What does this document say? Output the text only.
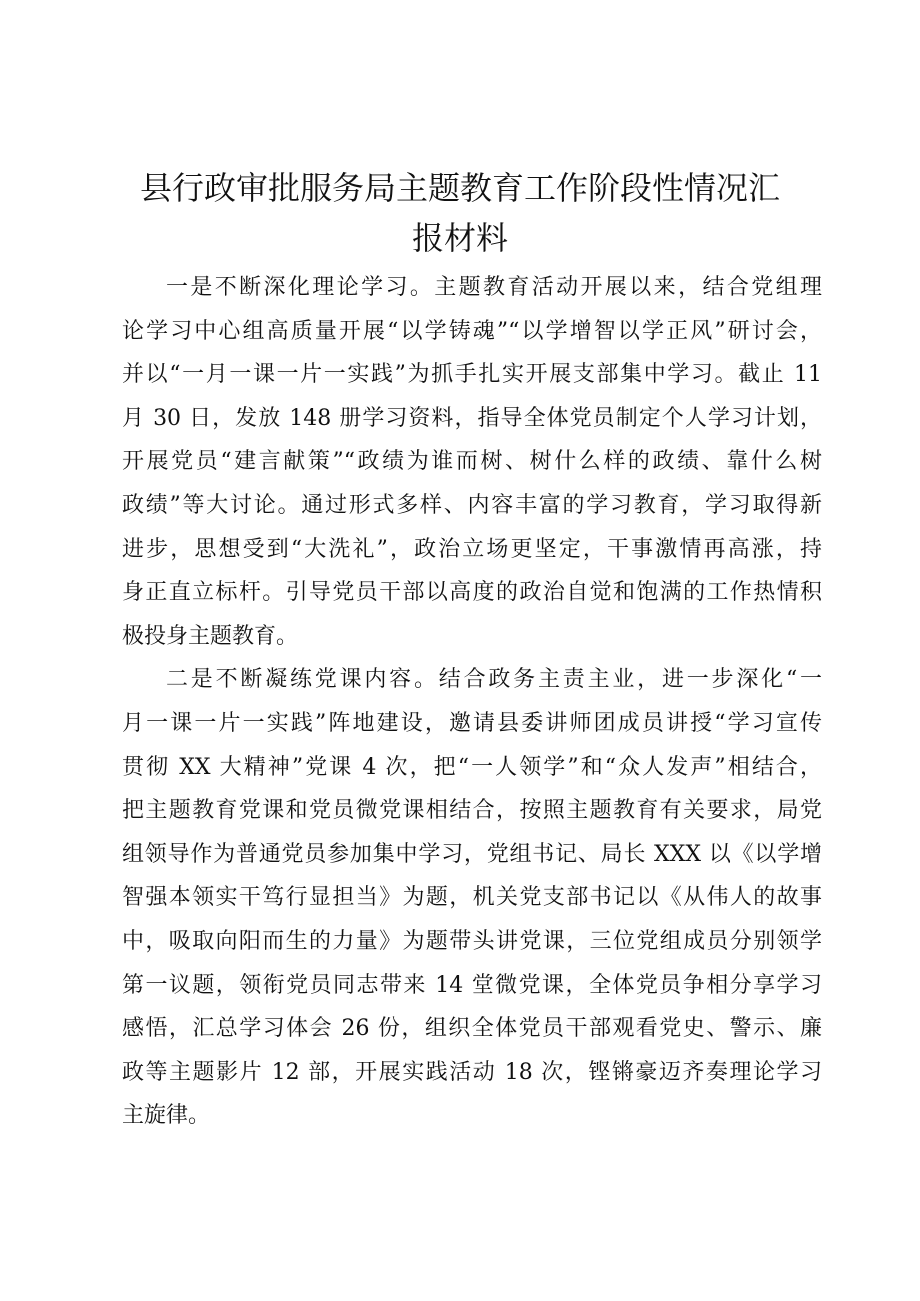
县行政审批服务局主题教育工作阶段性情况汇
报材料

一是不断深化理论学习。主题教育活动开展以来，结合党组理
论学习中心组高质量开展“以学铸魂”“以学增智以学正风”研讨会，
并以“一月一课一片一实践”为抓手扎实开展支部集中学习。截止 11
月 30 日，发放 148 册学习资料，指导全体党员制定个人学习计划，
开展党员“建言献策”“政绩为谁而树、树什么样的政绩、靠什么树
政绩”等大讨论。通过形式多样、内容丰富的学习教育，学习取得新
进步，思想受到“大洗礼”，政治立场更坚定，干事激情再高涨，持
身正直立标杆。引导党员干部以高度的政治自觉和饱满的工作热情积
极投身主题教育。

二是不断凝练党课内容。结合政务主责主业，进一步深化“一
月一课一片一实践”阵地建设，邀请县委讲师团成员讲授“学习宣传
贯彻 XX 大精神”党课 4 次，把“一人领学”和“众人发声”相结合，
把主题教育党课和党员微党课相结合，按照主题教育有关要求，局党
组领导作为普通党员参加集中学习，党组书记、局长 XXX 以《以学增
智强本领实干笃行显担当》为题，机关党支部书记以《从伟人的故事
中，吸取向阳而生的力量》为题带头讲党课，三位党组成员分别领学
第一议题，领衔党员同志带来 14 堂微党课，全体党员争相分享学习
感悟，汇总学习体会 26 份，组织全体党员干部观看党史、警示、廉
政等主题影片 12 部，开展实践活动 18 次，铿锵豪迈齐奏理论学习
主旋律。
